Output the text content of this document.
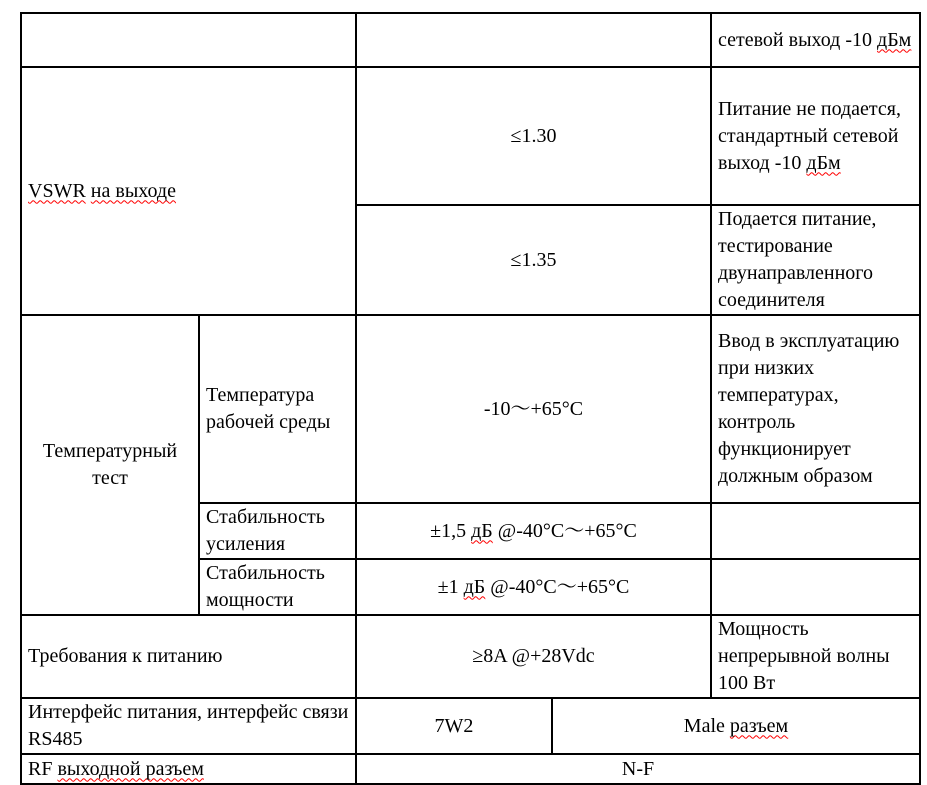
				сетевой выход -10 дБм
VSWR на выходе		≤1.30		Питание не подается, стандартный сетевой выход -10 дБм
		≤1.35		Подается питание, тестирование двунаправленного соединителя
Температурный тест	Температура рабочей среды	-10～+65°C		Ввод в эксплуатацию при низких температурах, контроль функционирует должным образом
	Стабильность усиления	±1,5 дБ @-40°C～+65°C		
	Стабильность мощности	±1 дБ @-40°C～+65°C		
Требования к питанию		≥8A @+28Vdc		Мощность непрерывной волны 100 Вт
Интерфейс питания, интерфейс связи RS485		7W2	Male разъем	
RF выходной разъем		N-F		
